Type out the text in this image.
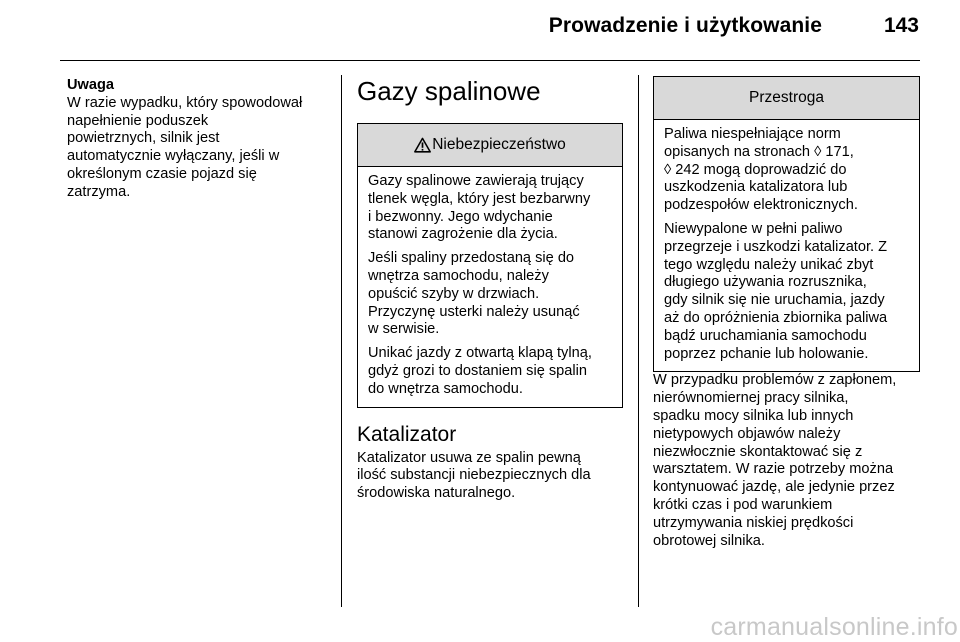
Prowadzenie i użytkowanie	143

Uwaga

W razie wypadku, który spowodował
napełnienie poduszek
powietrznych, silnik jest
automatycznie wyłączany, jeśli w
określonym czasie pojazd się
zatrzyma.

Gazy spalinowe
Niebezpieczeństwo

Gazy spalinowe zawierają trujący
tlenek węgla, który jest bezbarwny
i bezwonny. Jego wdychanie
stanowi zagrożenie dla życia.

Jeśli spaliny przedostaną się do
wnętrza samochodu, należy
opuścić szyby w drzwiach.
Przyczynę usterki należy usunąć
w serwisie.

Unikać jazdy z otwartą klapą tylną,
gdyż grozi to dostaniem się spalin
do wnętrza samochodu.

Katalizator

Katalizator usuwa ze spalin pewną
ilość substancji niebezpiecznych dla
środowiska naturalnego.

Przestroga

Paliwa niespełniające norm
opisanych na stronach ◊ 171,
◊ 242 mogą doprowadzić do
uszkodzenia katalizatora lub
podzespołów elektronicznych.

Niewypalone w pełni paliwo
przegrzeje i uszkodzi katalizator. Z
tego względu należy unikać zbyt
długiego używania rozrusznika,
gdy silnik się nie uruchamia, jazdy
aż do opróżnienia zbiornika paliwa
bądź uruchamiania samochodu
poprzez pchanie lub holowanie.

W przypadku problemów z zapłonem,
nierównomiernej pracy silnika,
spadku mocy silnika lub innych
nietypowych objawów należy
niezwłocznie skontaktować się z
warsztatem. W razie potrzeby można
kontynuować jazdę, ale jedynie przez
krótki czas i pod warunkiem
utrzymywania niskiej prędkości
obrotowej silnika.

carmanualsonline.info
